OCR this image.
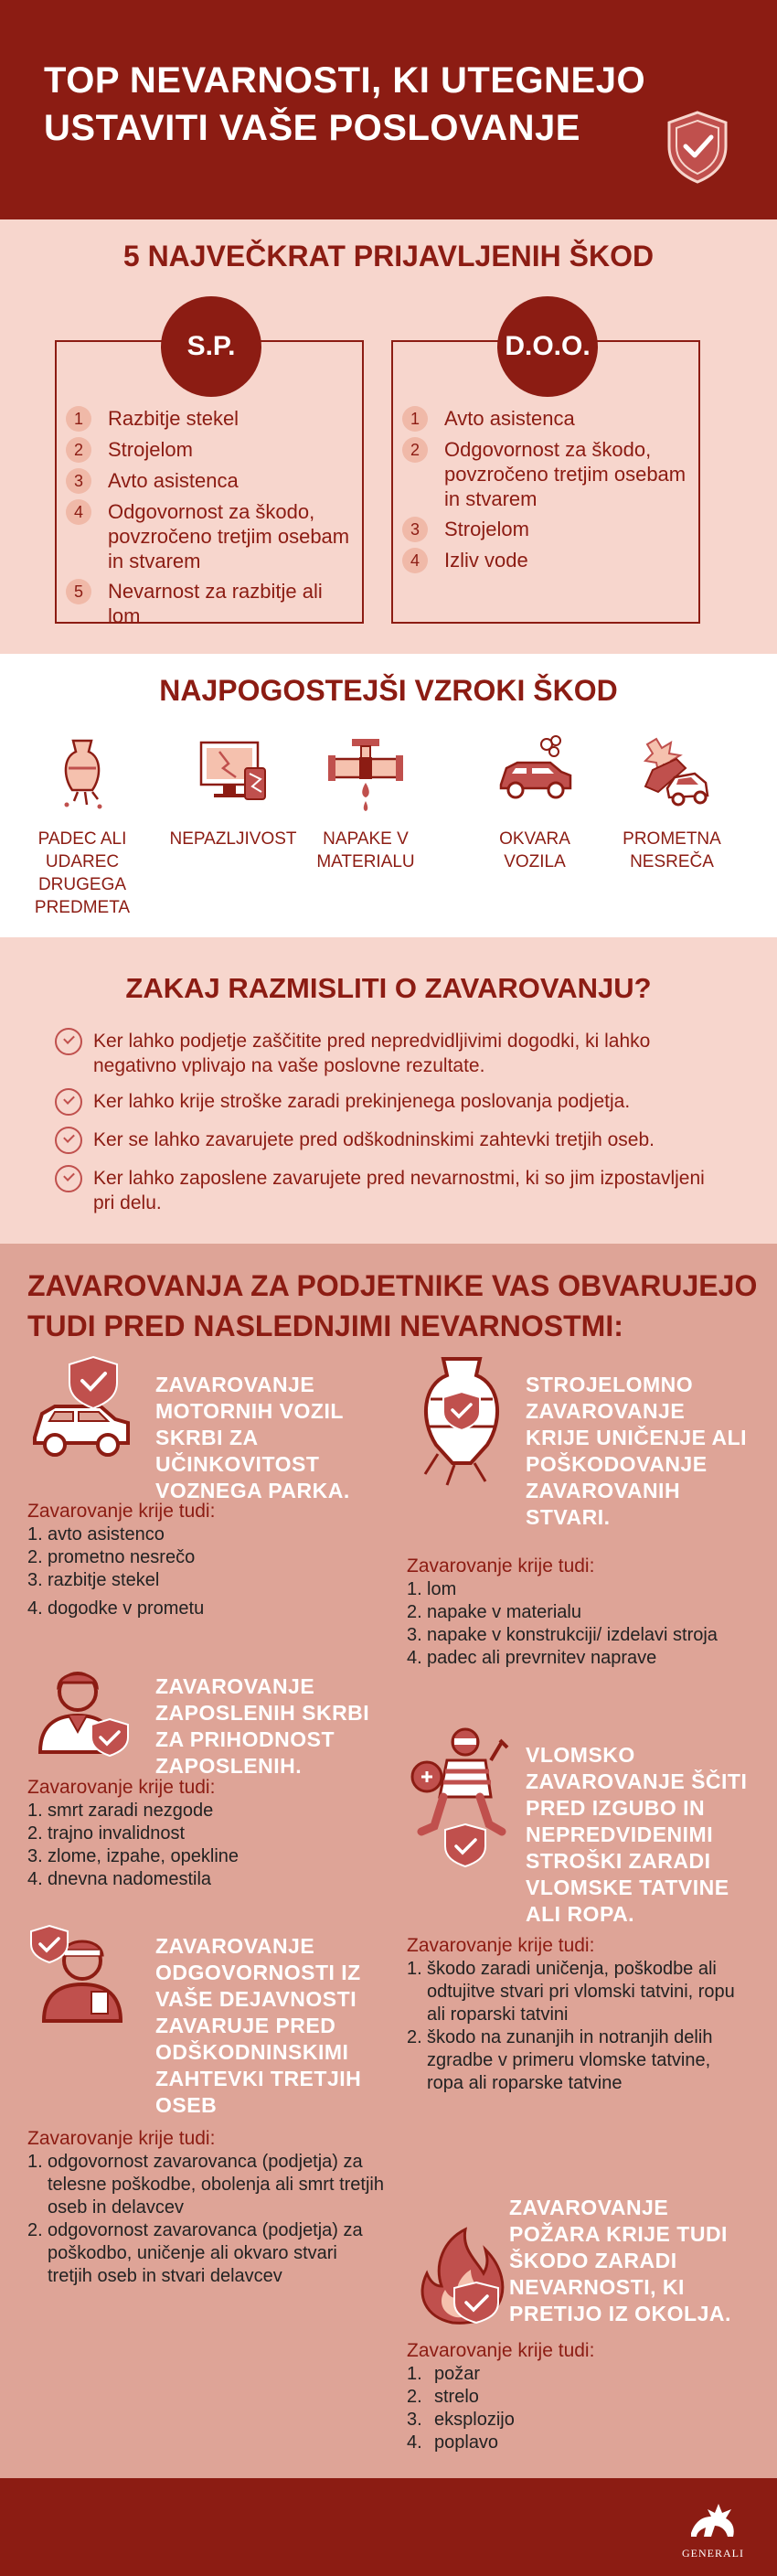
TOP NEVARNOSTI, KI UTEGNEJO USTAVITI VAŠE POSLOVANJE
5 NAJVEČKRAT PRIJAVLJENIH ŠKOD
S.P.
1	Razbitje stekel
2	Strojelom
3	Avto asistenca
4	Odgovornost za škodo, povzročeno tretjim osebam in stvarem
5	Nevarnost za razbitje ali lom
D.O.O.
1	Avto asistenca
2	Odgovornost za škodo, povzročeno tretjim osebam in stvarem
3	Strojelom
4	Izliv vode
NAJPOGOSTEJŠI VZROKI ŠKOD
PADEC ALI UDAREC DRUGEGA PREDMETA
NEPAZLJIVOST	NAPAKE V MATERIALU
OKVARA VOZILA
PROMETNA NESREČA
ZAKAJ RAZMISLITI O ZAVAROVANJU?
Ker lahko podjetje zaščitite pred nepredvidljivimi dogodki, ki lahko negativno vplivajo na vaše poslovne rezultate.
Ker lahko krije stroške zaradi prekinjenega poslovanja podjetja.
Ker se lahko zavarujete pred odškodninskimi zahtevki tretjih oseb.
Ker lahko zaposlene zavarujete pred nevarnostmi, ki so jim izpostavljeni pri delu.
ZAVAROVANJA ZA PODJETNIKE VAS OBVARUJEJO TUDI PRED NASLEDNJIMI NEVARNOSTMI:
ZAVAROVANJE MOTORNIH VOZIL SKRBI ZA UČINKOVITOST VOZNEGA PARKA.
Zavarovanje krije tudi:
1. avto asistenco
2. prometno nesrečo
3. razbitje stekel
4. dogodke v prometu
STROJELOMNO ZAVAROVANJE KRIJE UNIČENJE ALI POŠKODOVANJE ZAVAROVANIH STVARI.
Zavarovanje krije tudi:
1. lom
2. napake v materialu
3. napake v konstrukciji/ izdelavi stroja
4. padec ali prevrnitev naprave
ZAVAROVANJE ZAPOSLENIH SKRBI ZA PRIHODNOST ZAPOSLENIH.
Zavarovanje krije tudi:
1. smrt zaradi nezgode
2. trajno invalidnost
3. zlome, izpahe, opekline
4. dnevna nadomestila
VLOMSKO ZAVAROVANJE ŠČITI PRED IZGUBO IN NEPREDVIDENIMI STROŠKI ZARADI VLOMSKE TATVINE ALI ROPA.
Zavarovanje krije tudi:
1. škodo zaradi uničenja, poškodbe ali odtujitve stvari pri vlomski tatvini, ropu ali roparski tatvini
2. škodo na zunanjih in notranjih delih zgradbe v primeru vlomske tatvine, ropa ali roparske tatvine
ZAVAROVANJE ODGOVORNOSTI IZ VAŠE DEJAVNOSTI ZAVARUJE PRED ODŠKODNINSKIMI ZAHTEVKI TRETJIH OSEB
Zavarovanje krije tudi:
1. odgovornost zavarovanca (podjetja) za telesne poškodbe, obolenja ali smrt tretjih oseb in delavcev
2. odgovornost zavarovanca (podjetja) za poškodbo, uničenje ali okvaro stvari tretjih oseb in stvari delavcev
ZAVAROVANJE POŽARA KRIJE TUDI ŠKODO ZARADI NEVARNOSTI, KI PRETIJO IZ OKOLJA.
Zavarovanje krije tudi:
1. požar
2. strelo
3. eksplozijo
4. poplavo
GENERALI
